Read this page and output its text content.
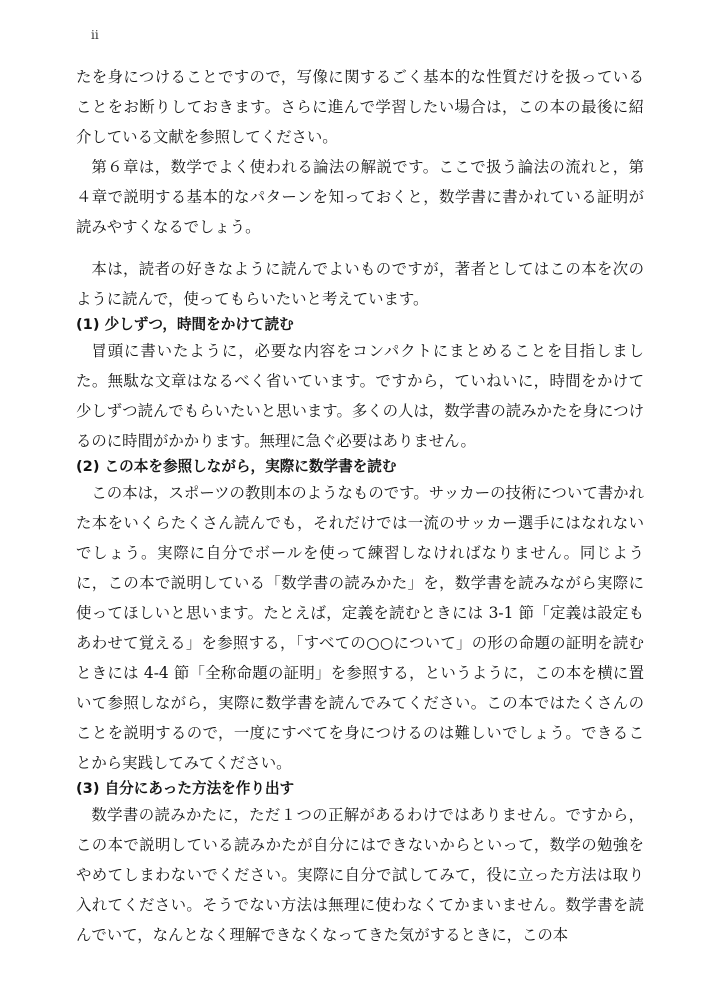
ii

たを身につけることですので，写像に関するごく基本的な性質だけを扱っていることをお断りしておきます。さらに進んで学習したい場合は，この本の最後に紹介している文献を参照してください。

第６章は，数学でよく使われる論法の解説です。ここで扱う論法の流れと，第４章で説明する基本的なパターンを知っておくと，数学書に書かれている証明が読みやすくなるでしょう。

本は，読者の好きなように読んでよいものですが，著者としてはこの本を次のように読んで，使ってもらいたいと考えています。

(1) 少しずつ，時間をかけて読む

冒頭に書いたように，必要な内容をコンパクトにまとめることを目指しました。無駄な文章はなるべく省いています。ですから，ていねいに，時間をかけて少しずつ読んでもらいたいと思います。多くの人は，数学書の読みかたを身につけるのに時間がかかります。無理に急ぐ必要はありません。

(2) この本を参照しながら，実際に数学書を読む

この本は，スポーツの教則本のようなものです。サッカーの技術について書かれた本をいくらたくさん読んでも，それだけでは一流のサッカー選手にはなれないでしょう。実際に自分でボールを使って練習しなければなりません。同じように，この本で説明している「数学書の読みかた」を，数学書を読みながら実際に使ってほしいと思います。たとえば，定義を読むときには 3-1 節「定義は設定もあわせて覚える」を参照する，「すべての○○について」の形の命題の証明を読むときには 4-4 節「全称命題の証明」を参照する，というように，この本を横に置いて参照しながら，実際に数学書を読んでみてください。この本ではたくさんのことを説明するので，一度にすべてを身につけるのは難しいでしょう。できることから実践してみてください。

(3) 自分にあった方法を作り出す

数学書の読みかたに，ただ１つの正解があるわけではありません。ですから，この本で説明している読みかたが自分にはできないからといって，数学の勉強をやめてしまわないでください。実際に自分で試してみて，役に立った方法は取り入れてください。そうでない方法は無理に使わなくてかまいません。数学書を読んでいて，なんとなく理解できなくなってきた気がするときに，この本
